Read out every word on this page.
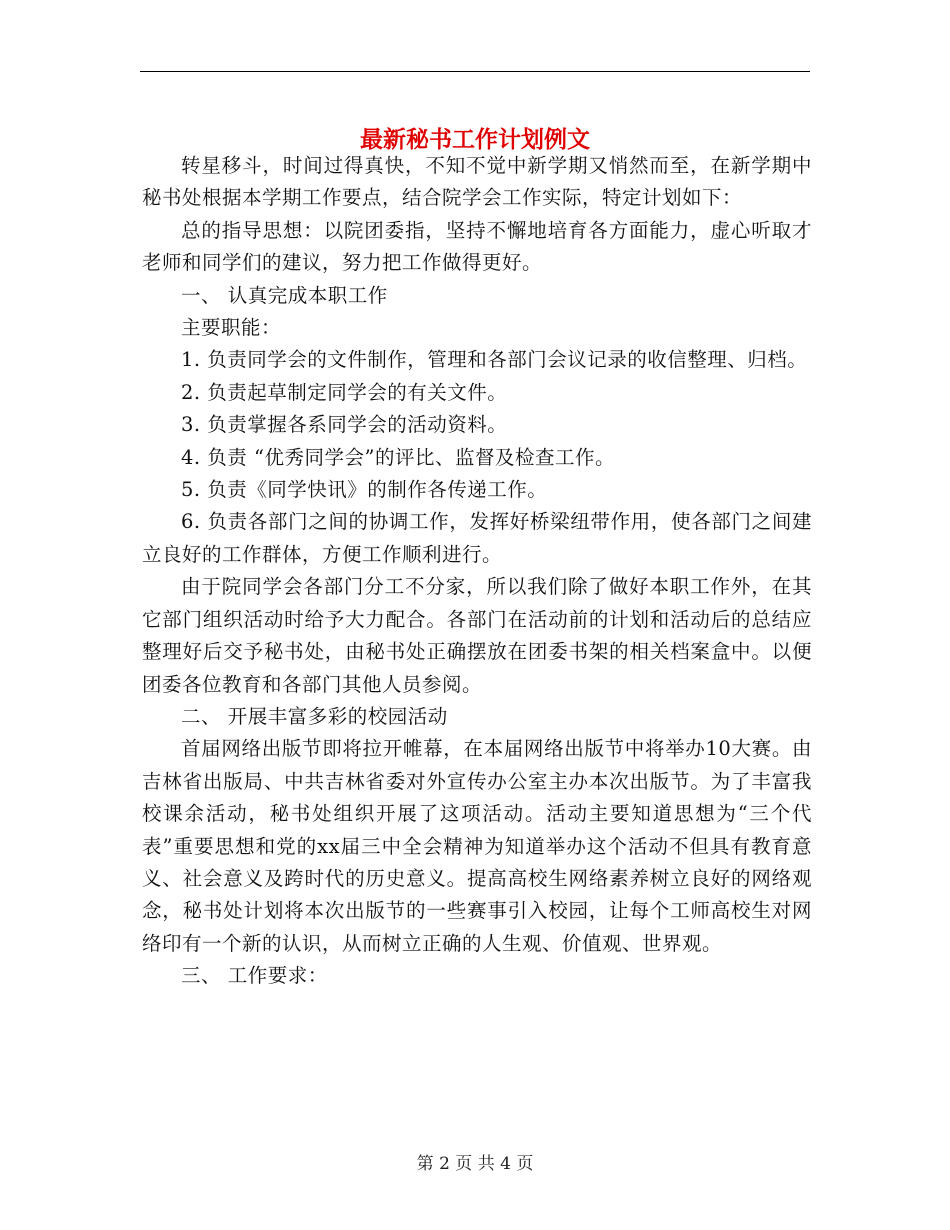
最新秘书工作计划例文

转星移斗，时间过得真快，不知不觉中新学期又悄然而至，在新学期中秘书处根据本学期工作要点，结合院学会工作实际，特定计划如下：

总的指导思想：以院团委指，坚持不懈地培育各方面能力，虚心听取才老师和同学们的建议，努力把工作做得更好。

一、 认真完成本职工作

主要职能：

1. 负责同学会的文件制作，管理和各部门会议记录的收信整理、归档。

2. 负责起草制定同学会的有关文件。

3. 负责掌握各系同学会的活动资料。

4. 负责 “优秀同学会”的评比、监督及检查工作。

5. 负责《同学快讯》的制作各传递工作。

6. 负责各部门之间的协调工作，发挥好桥梁纽带作用，使各部门之间建立良好的工作群体，方便工作顺利进行。

由于院同学会各部门分工不分家，所以我们除了做好本职工作外，在其它部门组织活动时给予大力配合。各部门在活动前的计划和活动后的总结应整理好后交予秘书处，由秘书处正确摆放在团委书架的相关档案盒中。以便团委各位教育和各部门其他人员参阅。

二、 开展丰富多彩的校园活动

首届网络出版节即将拉开帷幕，在本届网络出版节中将举办10大赛。由吉林省出版局、中共吉林省委对外宣传办公室主办本次出版节。为了丰富我校课余活动，秘书处组织开展了这项活动。活动主要知道思想为“三个代表”重要思想和党的xx届三中全会精神为知道举办这个活动不但具有教育意义、社会意义及跨时代的历史意义。提高高校生网络素养树立良好的网络观念，秘书处计划将本次出版节的一些赛事引入校园，让每个工师高校生对网络印有一个新的认识，从而树立正确的人生观、价值观、世界观。

三、 工作要求：

第 2 页 共 4 页
